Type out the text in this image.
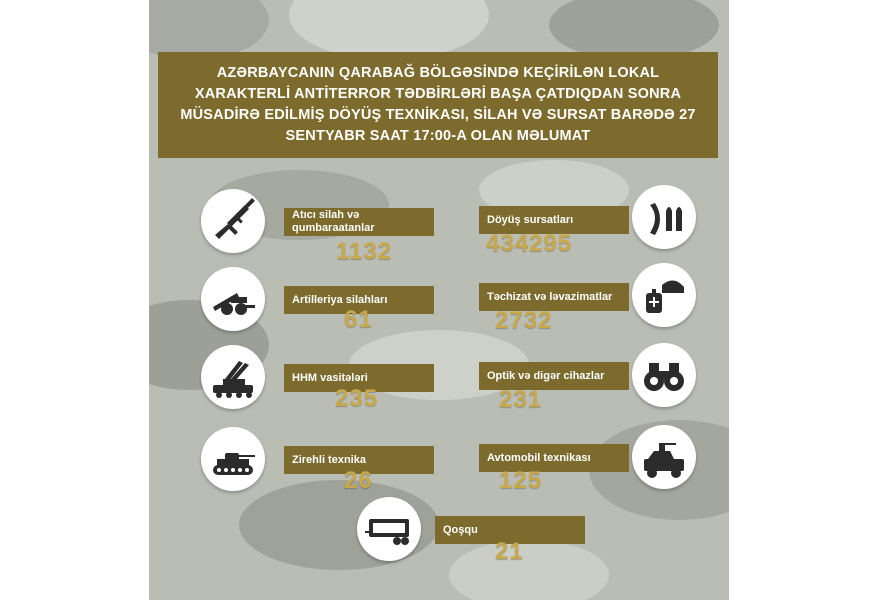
AZƏRBAYCANIN QARABAĞ BÖLGƏSİNDƏ KEÇİRİLƏN LOKAL XARAKTERLİ ANTİTERROR TƏDBİRLƏRİ BAŞA ÇATDIQDAN SONRA MÜSADİRƏ EDİLMİŞ DÖYÜŞ TEXNİKASI, SİLAH VƏ SURSAT BARƏDƏ 27 SENTYABR SAAT 17:00-A OLAN MƏLUMAT
Atıcı silah və qumbaraatanlar
1132
Döyüş sursatları
434295
Artilleriya silahları
61
Təchizat və ləvazimatlar
2732
HHM vasitələri
235
Optik və digər cihazlar
231
Zirehli texnika
26
Avtomobil texnikası
125
Qoşqu
21
